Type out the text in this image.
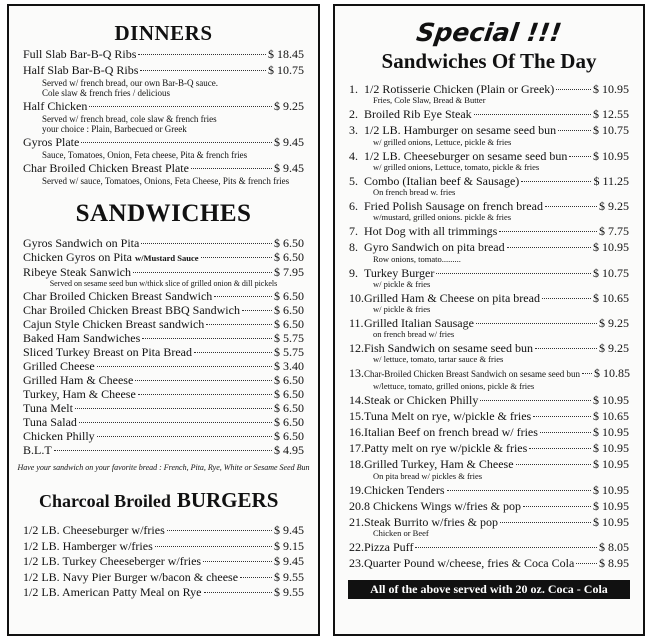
DINNERS
Full Slab Bar-B-Q Ribs	$ 18.45
Half Slab Bar-B-Q Ribs	$ 10.75
Served w/ french bread, our own Bar-B-Q sauce.
Cole slaw & french fries / delicious
Half Chicken	$ 9.25
Served w/ french bread, cole slaw & french fries
your choice : Plain, Barbecued or Greek
Gyros Plate	$ 9.45
Sauce, Tomatoes, Onion, Feta cheese, Pita & french fries
Char Broiled Chicken Breast Plate	$ 9.45
Served w/ sauce, Tomatoes, Onions, Feta Cheese, Pits & french fries
SANDWICHES
Gyros Sandwich on Pita	$ 6.50
Chicken Gyros on Pita w/Mustard Sauce	$ 6.50
Ribeye Steak Sanwich	$ 7.95
Served on sesame seed bun w/thick slice of grilled onion & dill pickels
Char Broiled Chicken Breast Sandwich	$ 6.50
Char Broiled Chicken Breast BBQ Sandwich	$ 6.50
Cajun Style Chicken Breast sandwich	$ 6.50
Baked Ham Sandwiches	$ 5.75
Sliced Turkey Breast on Pita Bread	$ 5.75
Grilled Cheese	$ 3.40
Grilled Ham & Cheese	$ 6.50
Turkey, Ham & Cheese	$ 6.50
Tuna Melt	$ 6.50
Tuna Salad	$ 6.50
Chicken Philly	$ 6.50
B.L.T	$ 4.95
Have your sandwich on your favorite bread : French, Pita, Rye, White or Sesame Seed Bun
Charcoal Broiled BURGERS
1/2 LB. Cheeseburger w/fries	$ 9.45
1/2 LB. Hamberger w/fries	$ 9.15
1/2 LB. Turkey Cheeseberger w/fries	$ 9.45
1/2 LB. Navy Pier Burger w/bacon & cheese	$ 9.55
1/2 LB. American Patty Meal on Rye	$ 9.55
Special !!!
Sandwiches Of The Day
1. 1/2 Rotisserie Chicken (Plain or Greek)	$ 10.95
Fries, Cole Slaw, Bread & Butter
2. Broiled Rib Eye Steak	$ 12.55
3. 1/2 LB. Hamburger on sesame seed bun	$ 10.75
w/ grilled onions, Lettuce, pickle & fries
4. 1/2 LB. Cheeseburger on sesame seed bun $ 10.95
w/ grilled onions, Lettuce, tomato, pickle & fries
5. Combo (Italian beef & Sausage)	$ 11.25
On french bread w. fries
6. Fried Polish Sausage on french bread	$ 9.25
w/mustard, grilled onions. pickle & fries
7. Hot Dog with all trimmings	$ 7.75
8. Gyro Sandwich on pita bread	$ 10.95
Row onions, tomato.........
9. Turkey Burger	$ 10.75
w/ pickle & fries
10. Grilled Ham & Cheese on pita bread	$ 10.65
w/ pickle & fries
11. Grilled Italian Sausage	$ 9.25
on french bread w/ fries
12. Fish Sandwich on sesame seed bun	$ 9.25
w/ lettuce, tomato, tartar sauce & fries
13. Char-Broiled Chicken Breast Sandwich on sesame seed bun $ 10.85
w/lettuce, tomato, grilled onions, pickle & fries
14. Steak or Chicken Philly	$ 10.95
15. Tuna Melt on rye, w/pickle & fries	$ 10.65
16. Italian Beef on french bread w/ fries	$ 10.95
17. Patty melt on rye w/pickle & fries	$ 10.95
18. Grilled Turkey, Ham & Cheese	$ 10.95
On pita bread w/ pickles & fries
19. Chicken Tenders	$ 10.95
20. 8 Chickens Wings w/fries & pop	$ 10.95
21. Steak Burrito w/fries & pop	$ 10.95
Chicken or Beef
22. Pizza Puff	$ 8.05
23. Quarter Pound w/cheese, fries & Coca Cola $ 8.95
All of the above served with 20 oz. Coca - Cola
